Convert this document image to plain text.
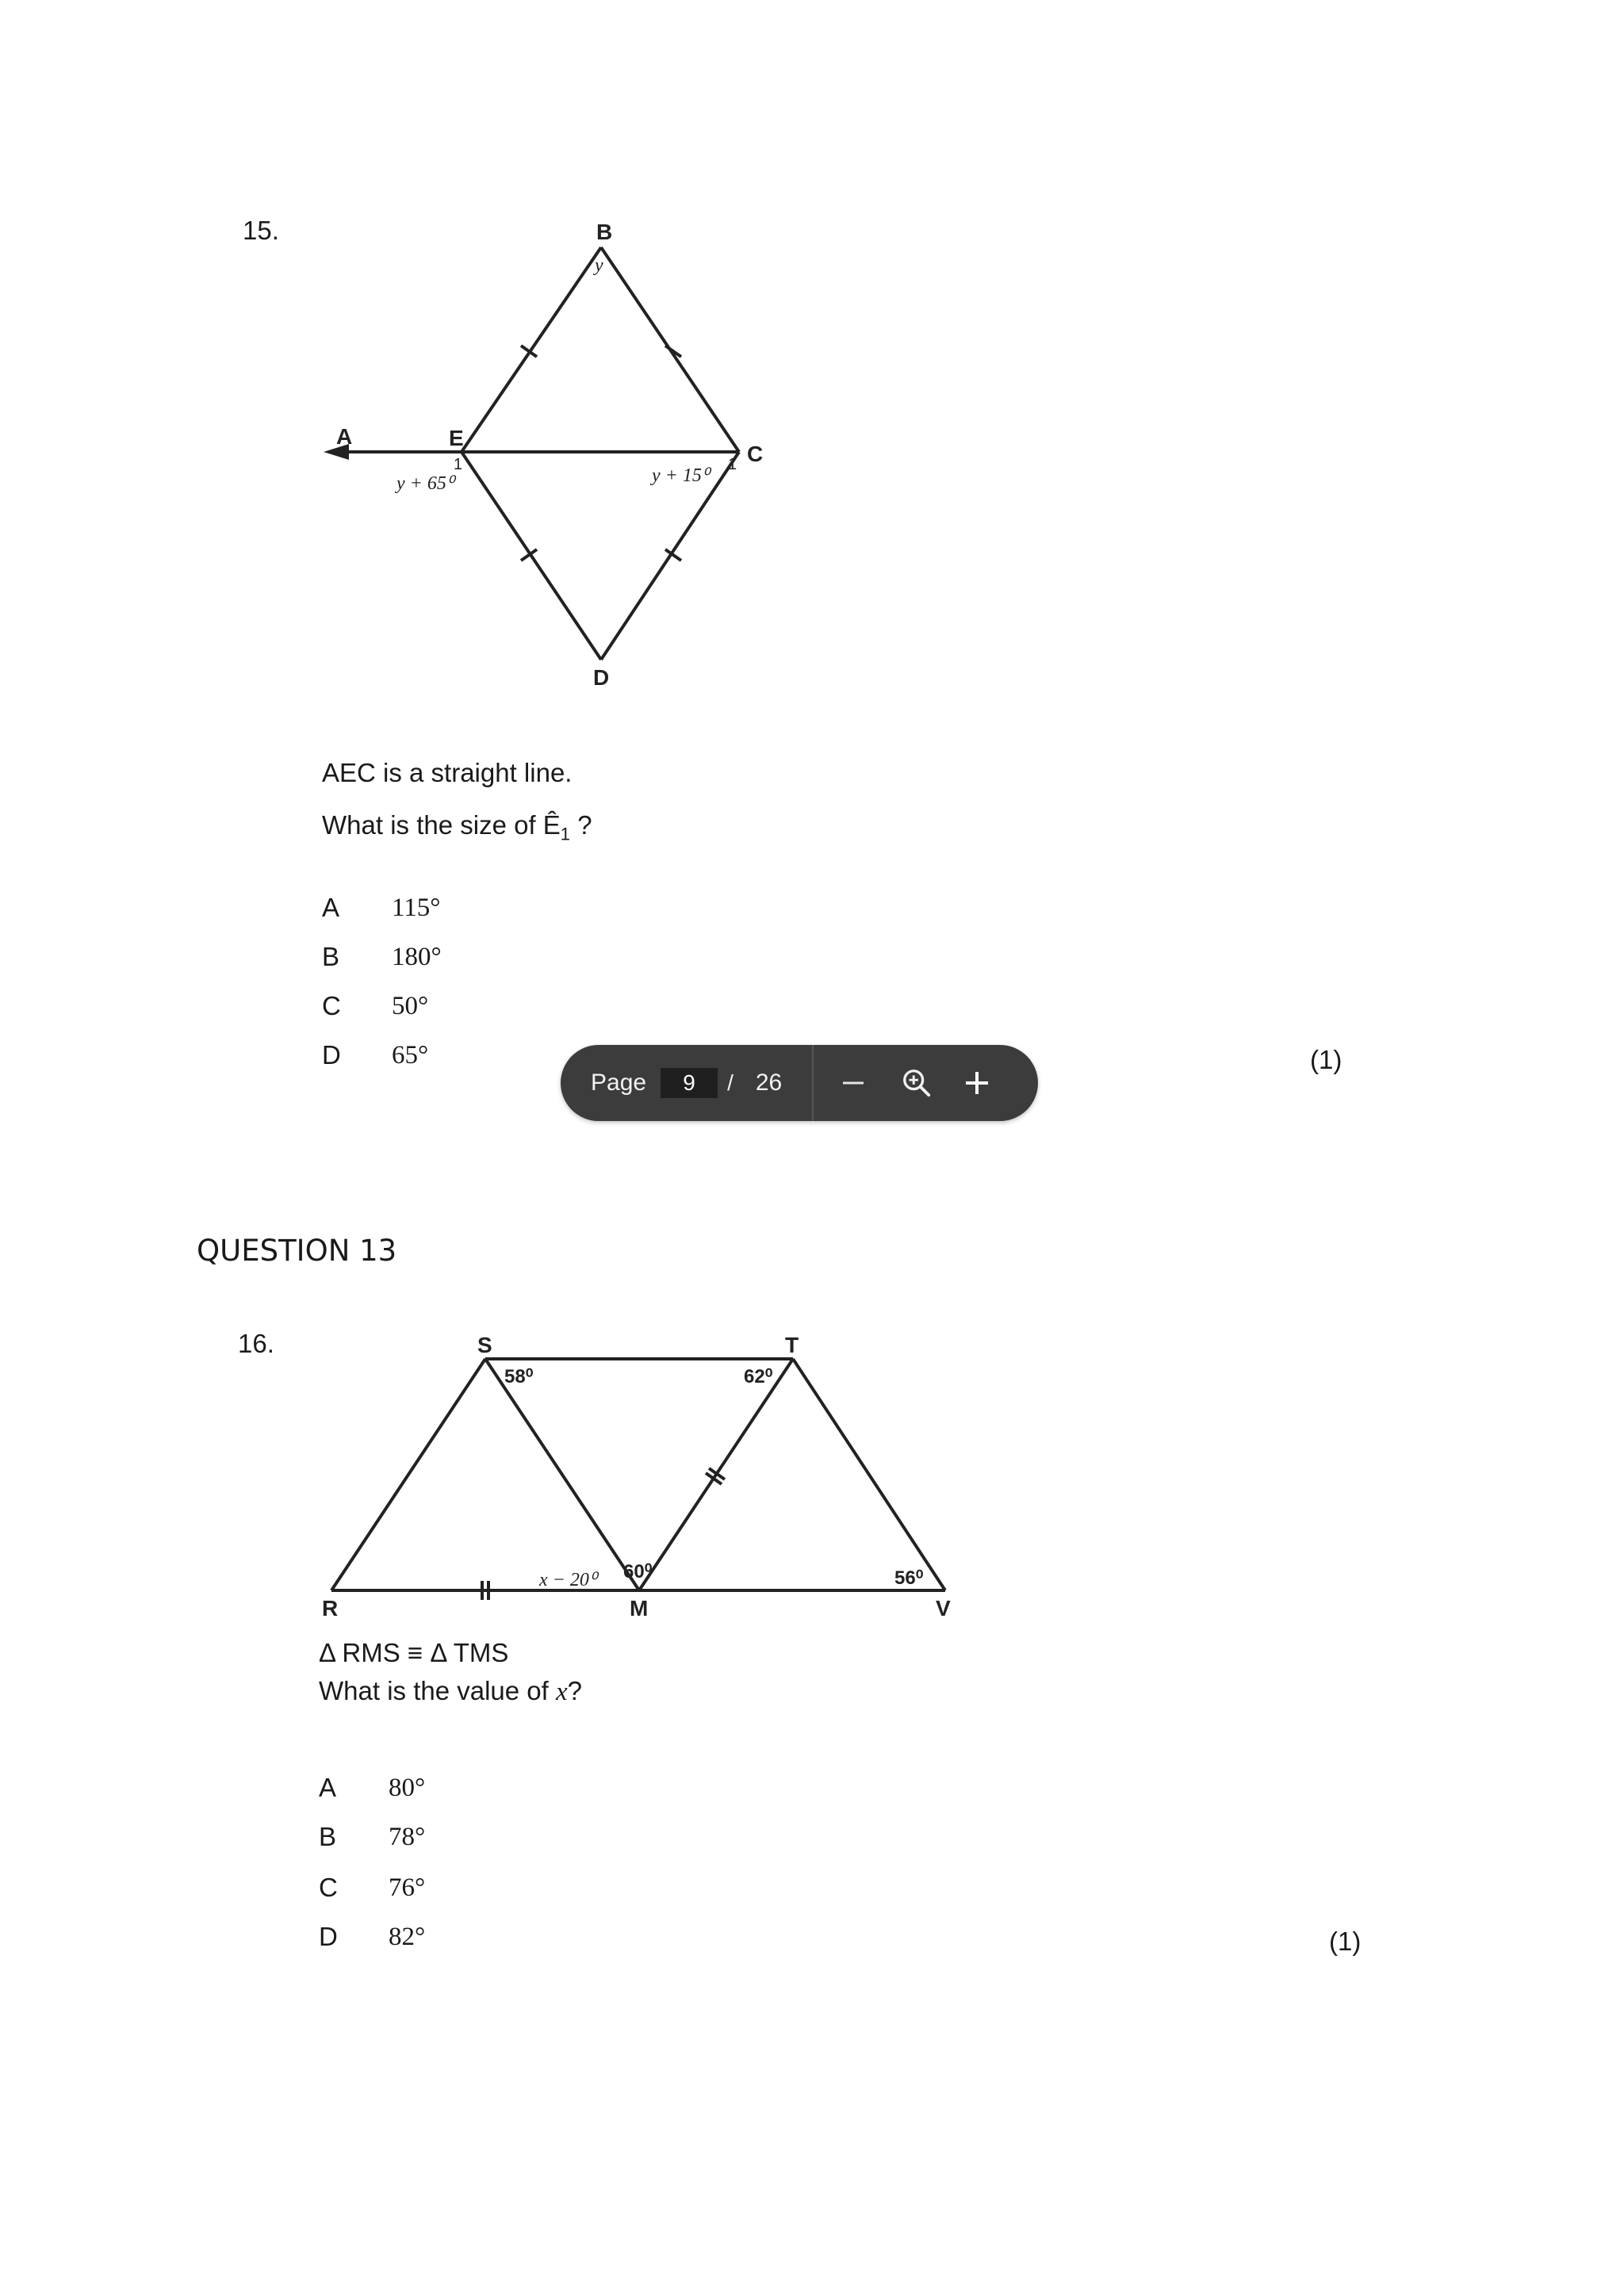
15.	B
y
A	E
1
y + 65⁰
C
y + 15⁰
1
D
AEC is a straight line.
What is the size of $Ê_1$ ?
A	115°
B	180°
C	50°
D	65°	(1)
Page	9	/ 26
QUESTION 13
16.	S
58⁰
T
62⁰
60⁰
x − 20⁰	56⁰
R	M	V
Δ RMS ≡ Δ TMS
What is the value of x?
A	80°
B	78°
C	76°
D	82°	(1)
